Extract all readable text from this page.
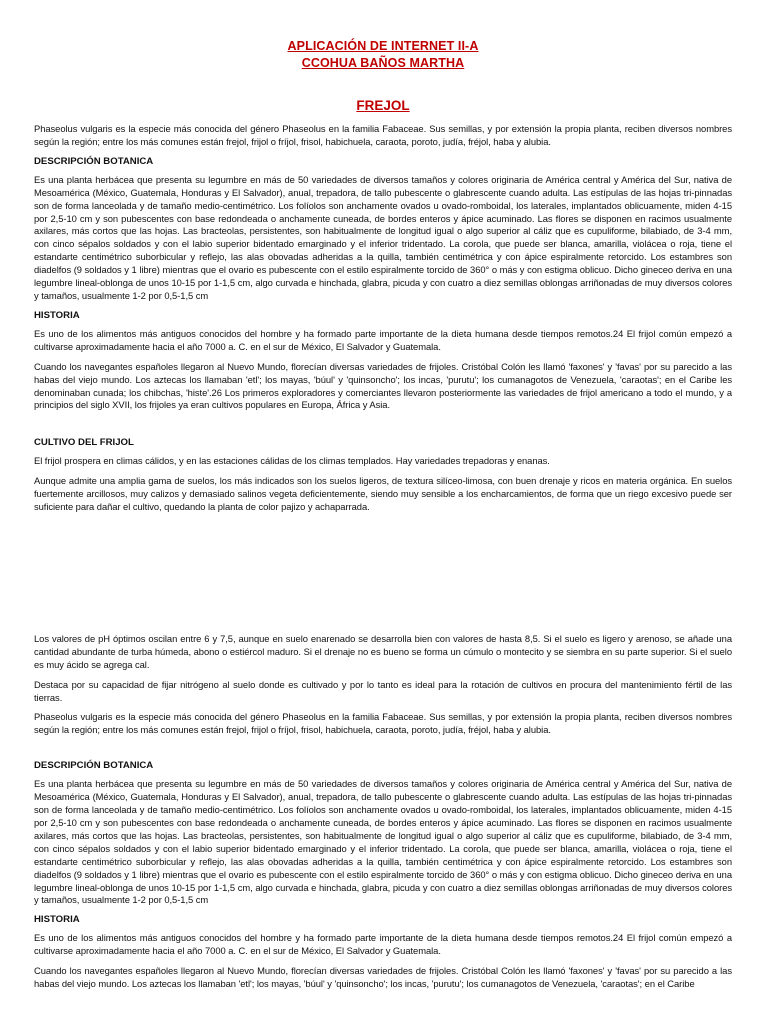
APLICACIÓN DE INTERNET II-A
CCOHUA BAÑOS MARTHA
FREJOL

Phaseolus vulgaris es la especie más conocida del género Phaseolus en la familia Fabaceae. Sus semillas, y por extensión la propia planta, reciben diversos nombres según la región; entre los más comunes están frejol, frijol o fríjol, frisol, habichuela, caraota, poroto, judía, fréjol, haba y alubia.

DESCRIPCIÓN BOTANICA

Es una planta herbácea que presenta su legumbre en más de 50 variedades de diversos tamaños y colores originaria de América central y América del Sur, nativa de Mesoamérica (México, Guatemala, Honduras y El Salvador), anual, trepadora, de tallo pubescente o glabrescente cuando adulta. Las estípulas de las hojas tri-pinnadas son de forma lanceolada y de tamaño medio-centimétrico. Los folíolos son anchamente ovados u ovado-romboidal, los laterales, implantados oblicuamente, miden 4-15 por 2,5-10 cm y son pubescentes con base redondeada o anchamente cuneada, de bordes enteros y ápice acuminado. Las flores se disponen en racimos usualmente axilares, más cortos que las hojas. Las bracteolas, persistentes, son habitualmente de longitud igual o algo superior al cáliz que es cupuliforme, bilabiado, de 3-4 mm, con cinco sépalos soldados y con el labio superior bidentado emarginado y el inferior tridentado. La corola, que puede ser blanca, amarilla, violácea o roja, tiene el estandarte centimétrico suborbicular y reflejo, las alas obovadas adheridas a la quilla, también centimétrica y con ápice espiralmente retorcido. Los estambres son diadelfos (9 soldados y 1 libre) mientras que el ovario es pubescente con el estilo espiralmente torcido de 360° o más y con estigma oblicuo. Dicho gineceo deriva en una legumbre lineal-oblonga de unos 10-15 por 1-1,5 cm, algo curvada e hinchada, glabra, picuda y con cuatro a diez semillas oblongas arriñonadas de muy diversos colores y tamaños, usualmente 1-2 por 0,5-1,5 cm

HISTORIA

Es uno de los alimentos más antiguos conocidos del hombre y ha formado parte importante de la dieta humana desde tiempos remotos.24 El frijol común empezó a cultivarse aproximadamente hacia el año 7000 a. C. en el sur de México, El Salvador y Guatemala.

Cuando los navegantes españoles llegaron al Nuevo Mundo, florecían diversas variedades de frijoles. Cristóbal Colón les llamó 'faxones' y 'favas' por su parecido a las habas del viejo mundo. Los aztecas los llamaban 'etl'; los mayas, 'búul' y 'quinsoncho'; los incas, 'purutu'; los cumanagotos de Venezuela, 'caraotas'; en el Caribe les denominaban cunada; los chibchas, 'histe'.26 Los primeros exploradores y comerciantes llevaron posteriormente las variedades de frijol americano a todo el mundo, y a principios del siglo XVII, los frijoles ya eran cultivos populares en Europa, África y Asia.

CULTIVO DEL FRIJOL

El frijol prospera en climas cálidos, y en las estaciones cálidas de los climas templados. Hay variedades trepadoras y enanas.

Aunque admite una amplia gama de suelos, los más indicados son los suelos ligeros, de textura silíceo-limosa, con buen drenaje y ricos en materia orgánica. En suelos fuertemente arcillosos, muy calizos y demasiado salinos vegeta deficientemente, siendo muy sensible a los encharcamientos, de forma que un riego excesivo puede ser suficiente para dañar el cultivo, quedando la planta de color pajizo y achaparrada.

Los valores de pH óptimos oscilan entre 6 y 7,5, aunque en suelo enarenado se desarrolla bien con valores de hasta 8,5. Si el suelo es ligero y arenoso, se añade una cantidad abundante de turba húmeda, abono o estiércol maduro. Si el drenaje no es bueno se forma un cúmulo o montecito y se siembra en su parte superior. Si el suelo es muy ácido se agrega cal.

Destaca por su capacidad de fijar nitrógeno al suelo donde es cultivado y por lo tanto es ideal para la rotación de cultivos en procura del mantenimiento fértil de las tierras.

Phaseolus vulgaris es la especie más conocida del género Phaseolus en la familia Fabaceae. Sus semillas, y por extensión la propia planta, reciben diversos nombres según la región; entre los más comunes están frejol, frijol o fríjol, frisol, habichuela, caraota, poroto, judía, fréjol, haba y alubia.

DESCRIPCIÓN BOTANICA

Es una planta herbácea que presenta su legumbre en más de 50 variedades de diversos tamaños y colores originaria de América central y América del Sur, nativa de Mesoamérica (México, Guatemala, Honduras y El Salvador), anual, trepadora, de tallo pubescente o glabrescente cuando adulta. Las estípulas de las hojas tri-pinnadas son de forma lanceolada y de tamaño medio-centimétrico. Los folíolos son anchamente ovados u ovado-romboidal, los laterales, implantados oblicuamente, miden 4-15 por 2,5-10 cm y son pubescentes con base redondeada o anchamente cuneada, de bordes enteros y ápice acuminado. Las flores se disponen en racimos usualmente axilares, más cortos que las hojas. Las bracteolas, persistentes, son habitualmente de longitud igual o algo superior al cáliz que es cupuliforme, bilabiado, de 3-4 mm, con cinco sépalos soldados y con el labio superior bidentado emarginado y el inferior tridentado. La corola, que puede ser blanca, amarilla, violácea o roja, tiene el estandarte centimétrico suborbicular y reflejo, las alas obovadas adheridas a la quilla, también centimétrica y con ápice espiralmente retorcido. Los estambres son diadelfos (9 soldados y 1 libre) mientras que el ovario es pubescente con el estilo espiralmente torcido de 360° o más y con estigma oblicuo. Dicho gineceo deriva en una legumbre lineal-oblonga de unos 10-15 por 1-1,5 cm, algo curvada e hinchada, glabra, picuda y con cuatro a diez semillas oblongas arriñonadas de muy diversos colores y tamaños, usualmente 1-2 por 0,5-1,5 cm

HISTORIA

Es uno de los alimentos más antiguos conocidos del hombre y ha formado parte importante de la dieta humana desde tiempos remotos.24 El frijol común empezó a cultivarse aproximadamente hacia el año 7000 a. C. en el sur de México, El Salvador y Guatemala.

Cuando los navegantes españoles llegaron al Nuevo Mundo, florecían diversas variedades de frijoles. Cristóbal Colón les llamó 'faxones' y 'favas' por su parecido a las habas del viejo mundo. Los aztecas los llamaban 'etl'; los mayas, 'búul' y 'quinsoncho'; los incas, 'purutu'; los cumanagotos de Venezuela, 'caraotas'; en el Caribe
